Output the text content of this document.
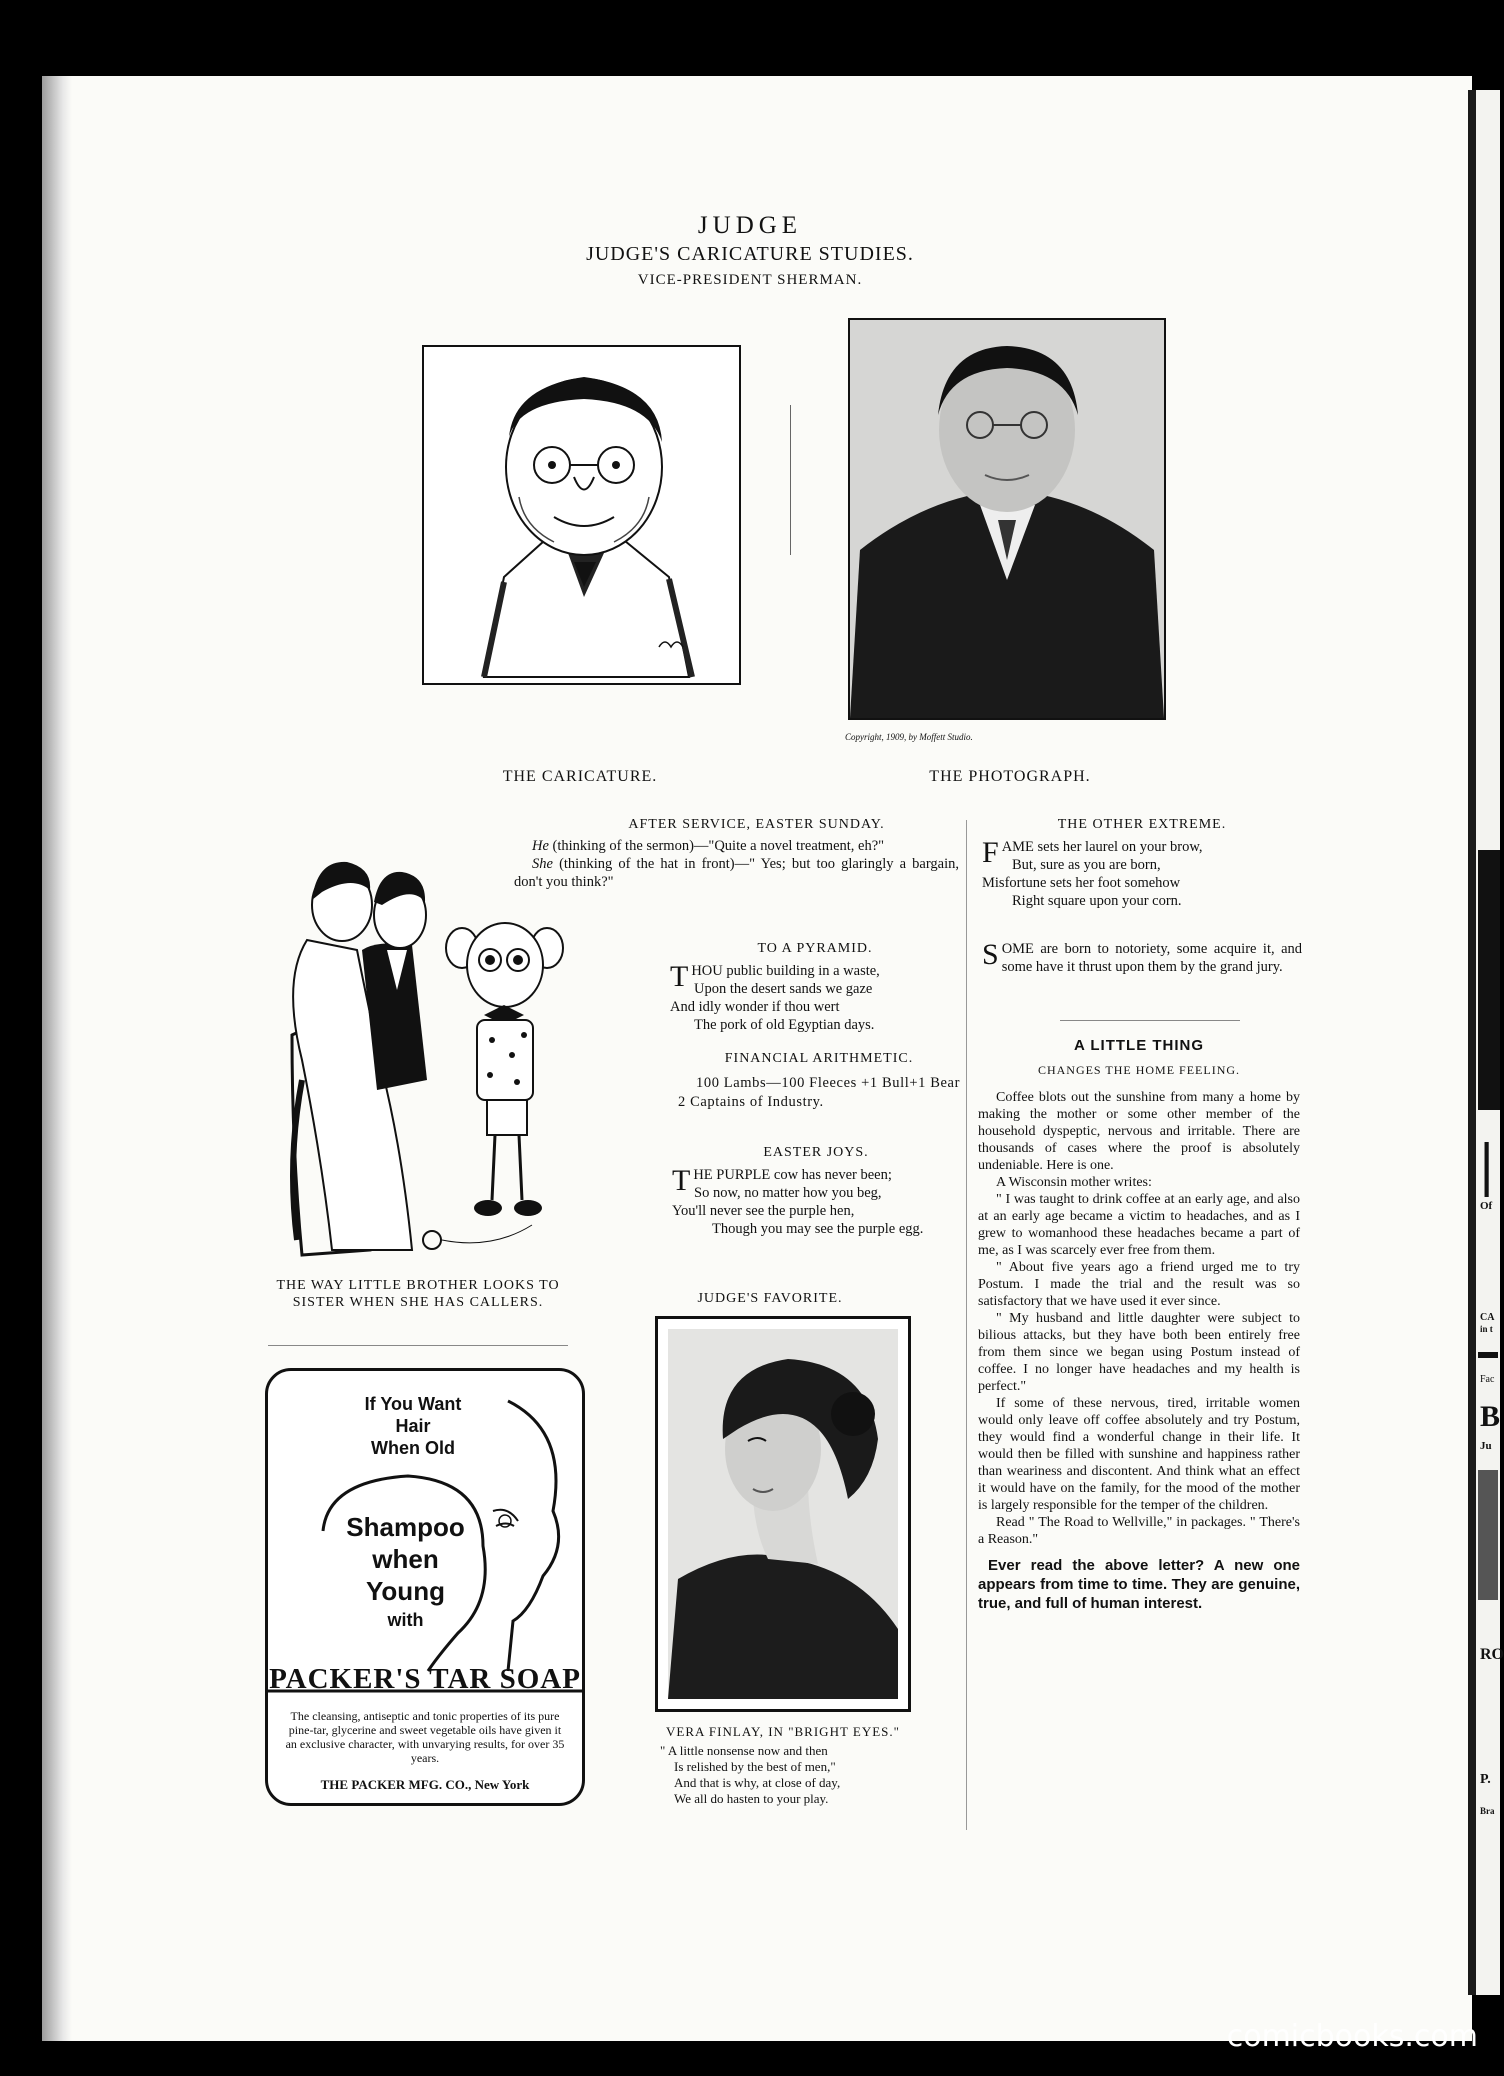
|
Of
CA
in t
Fac
B
Ju
RO
P.
Bra
JUDGE
JUDGE'S CARICATURE STUDIES.
VICE-PRESIDENT SHERMAN.
Copyright, 1909, by Moffett Studio.
THE CARICATURE.	THE PHOTOGRAPH.
THE WAY LITTLE BROTHER LOOKS TO SISTER WHEN SHE HAS CALLERS.
If You Want
Hair
When Old
Shampoo
when
Young
with
PACKER'S TAR SOAP
The cleansing, antiseptic and tonic properties of its pure pine-tar, glycerine and sweet vegetable oils have given it an exclusive character, with unvarying results, for over 35 years.
THE PACKER MFG. CO., New York

AFTER SERVICE, EASTER SUNDAY.

He (thinking of the sermon)—"Quite a novel treatment, eh?"

She (thinking of the hat in front)—" Yes; but too glaringly a bargain, don't you think?"

TO A PYRAMID.

T HOU public building in a waste,

Upon the desert sands we gaze

And idly wonder if thou wert

The pork of old Egyptian days.

FINANCIAL ARITHMETIC.

100 Lambs—100 Fleeces +1 Bull+1 Bear 2 Captains of Industry.

EASTER JOYS.

T HE PURPLE cow has never been;

So now, no matter how you beg,

You'll never see the purple hen,

Though you may see the purple egg.

JUDGE'S FAVORITE.
VERA FINLAY, IN "BRIGHT EYES."

" A little nonsense now and then

Is relished by the best of men,"

And that is why, at close of day,

We all do hasten to your play.

THE OTHER EXTREME.

F AME sets her laurel on your brow,

But, sure as you are born,

Misfortune sets her foot somehow

Right square upon your corn.

S OME are born to notoriety, some acquire it, and some have it thrust upon them by the grand jury.

A LITTLE THING

CHANGES THE HOME FEELING.

Coffee blots out the sunshine from many a home by making the mother or some other member of the household dyspeptic, nervous and irritable. There are thousands of cases where the proof is absolutely undeniable. Here is one.

A Wisconsin mother writes:

" I was taught to drink coffee at an early age, and also at an early age became a victim to headaches, and as I grew to womanhood these headaches became a part of me, as I was scarcely ever free from them.

" About five years ago a friend urged me to try Postum. I made the trial and the result was so satisfactory that we have used it ever since.

" My husband and little daughter were subject to bilious attacks, but they have both been entirely free from them since we began using Postum instead of coffee. I no longer have headaches and my health is perfect."

If some of these nervous, tired, irritable women would only leave off coffee absolutely and try Postum, they would find a wonderful change in their life. It would then be filled with sunshine and happiness rather than weariness and discontent. And think what an effect it would have on the family, for the mood of the mother is largely responsible for the temper of the children.

Read " The Road to Wellville," in packages. " There's a Reason."

Ever read the above letter? A new one appears from time to time. They are genuine, true, and full of human interest.

comicbooks.com
